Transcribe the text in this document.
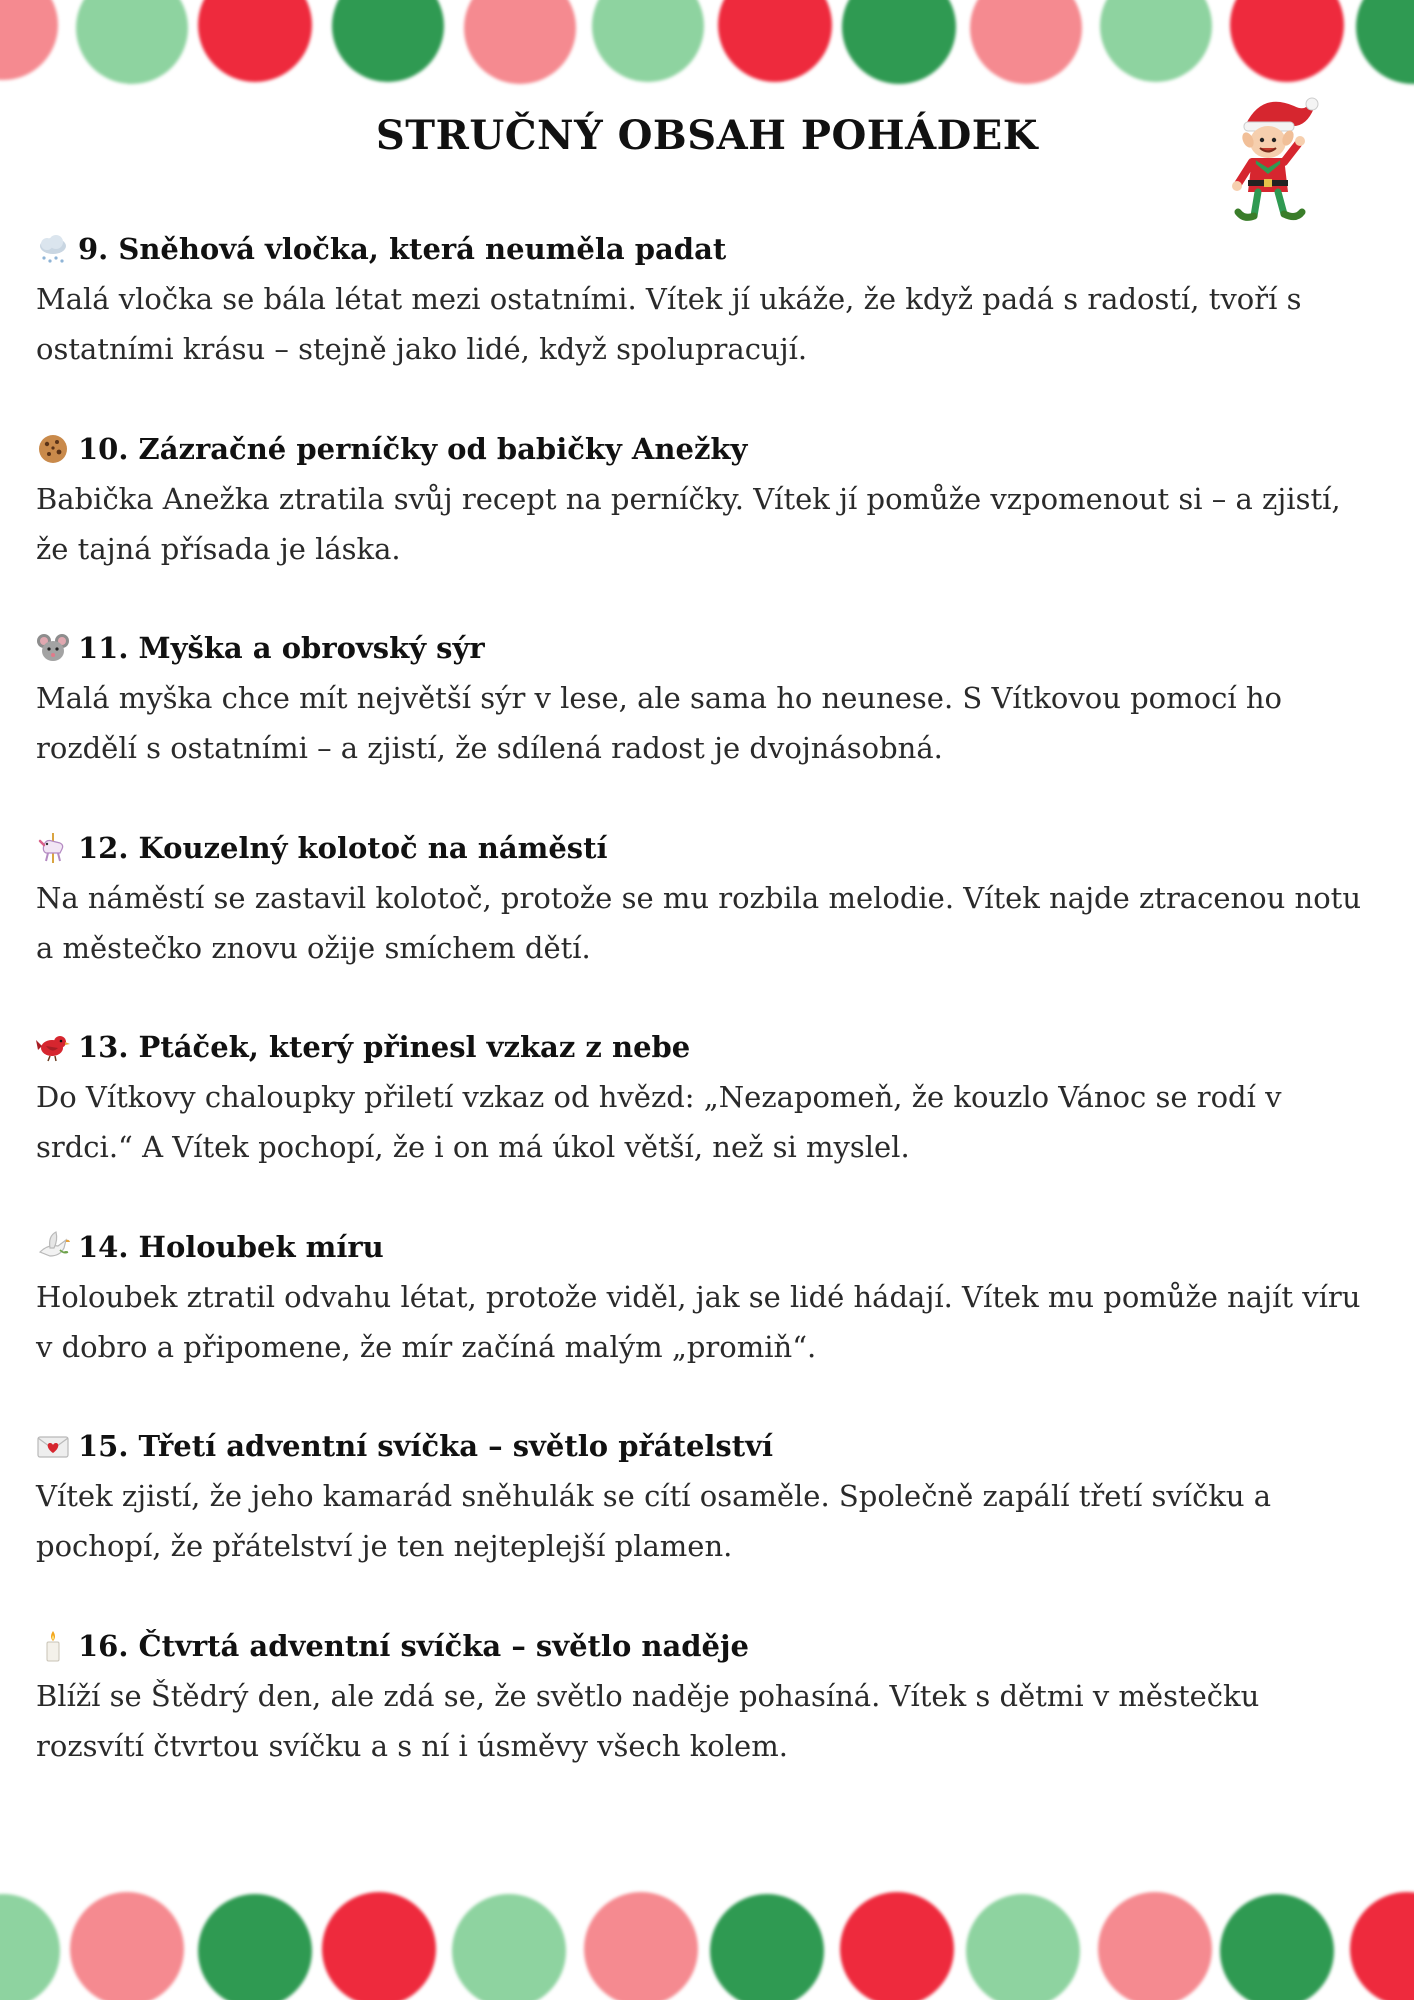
STRUČNÝ OBSAH POHÁDEK
9. Sněhová vločka, která neuměla padat

Malá vločka se bála létat mezi ostatními. Vítek jí ukáže, že když padá s radostí, tvoří s ostatními krásu – stejně jako lidé, když spolupracují.

10. Zázračné perníčky od babičky Anežky

Babička Anežka ztratila svůj recept na perníčky. Vítek jí pomůže vzpomenout si – a zjistí, že tajná přísada je láska.

11. Myška a obrovský sýr

Malá myška chce mít největší sýr v lese, ale sama ho neunese. S Vítkovou pomocí ho rozdělí s ostatními – a zjistí, že sdílená radost je dvojnásobná.

12. Kouzelný kolotoč na náměstí

Na náměstí se zastavil kolotoč, protože se mu rozbila melodie. Vítek najde ztracenou notu a městečko znovu ožije smíchem dětí.

13. Ptáček, který přinesl vzkaz z nebe

Do Vítkovy chaloupky přiletí vzkaz od hvězd: „Nezapomeň, že kouzlo Vánoc se rodí v srdci.“ A Vítek pochopí, že i on má úkol větší, než si myslel.

14. Holoubek míru

Holoubek ztratil odvahu létat, protože viděl, jak se lidé hádají. Vítek mu pomůže najít víru v dobro a připomene, že mír začíná malým „promiň“.

15. Třetí adventní svíčka – světlo přátelství

Vítek zjistí, že jeho kamarád sněhulák se cítí osaměle. Společně zapálí třetí svíčku a pochopí, že přátelství je ten nejteplejší plamen.

16. Čtvrtá adventní svíčka – světlo naděje

Blíží se Štědrý den, ale zdá se, že světlo naděje pohasíná. Vítek s dětmi v městečku rozsvítí čtvrtou svíčku a s ní i úsměvy všech kolem.
